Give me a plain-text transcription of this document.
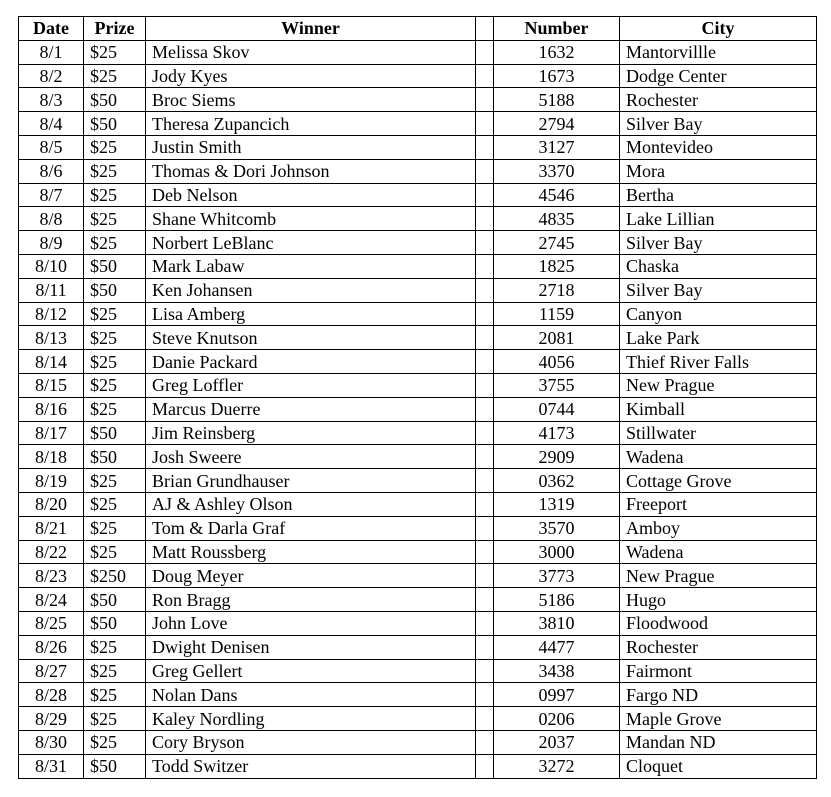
Date	Prize	Winner		Number	City
8/1	$25	Melissa Skov		1632	Mantorvillle
8/2	$25	Jody Kyes		1673	Dodge Center
8/3	$50	Broc Siems		5188	Rochester
8/4	$50	Theresa Zupancich		2794	Silver Bay
8/5	$25	Justin Smith		3127	Montevideo
8/6	$25	Thomas & Dori Johnson		3370	Mora
8/7	$25	Deb Nelson		4546	Bertha
8/8	$25	Shane Whitcomb		4835	Lake Lillian
8/9	$25	Norbert LeBlanc		2745	Silver Bay
8/10	$50	Mark Labaw		1825	Chaska
8/11	$50	Ken Johansen		2718	Silver Bay
8/12	$25	Lisa Amberg		1159	Canyon
8/13	$25	Steve Knutson		2081	Lake Park
8/14	$25	Danie Packard		4056	Thief River Falls
8/15	$25	Greg Loffler		3755	New Prague
8/16	$25	Marcus Duerre		0744	Kimball
8/17	$50	Jim Reinsberg		4173	Stillwater
8/18	$50	Josh Sweere		2909	Wadena
8/19	$25	Brian Grundhauser		0362	Cottage Grove
8/20	$25	AJ & Ashley Olson		1319	Freeport
8/21	$25	Tom & Darla Graf		3570	Amboy
8/22	$25	Matt Roussberg		3000	Wadena
8/23	$250	Doug Meyer		3773	New Prague
8/24	$50	Ron Bragg		5186	Hugo
8/25	$50	John Love		3810	Floodwood
8/26	$25	Dwight Denisen		4477	Rochester
8/27	$25	Greg Gellert		3438	Fairmont
8/28	$25	Nolan Dans		0997	Fargo ND
8/29	$25	Kaley Nordling		0206	Maple Grove
8/30	$25	Cory Bryson		2037	Mandan ND
8/31	$50	Todd Switzer		3272	Cloquet
